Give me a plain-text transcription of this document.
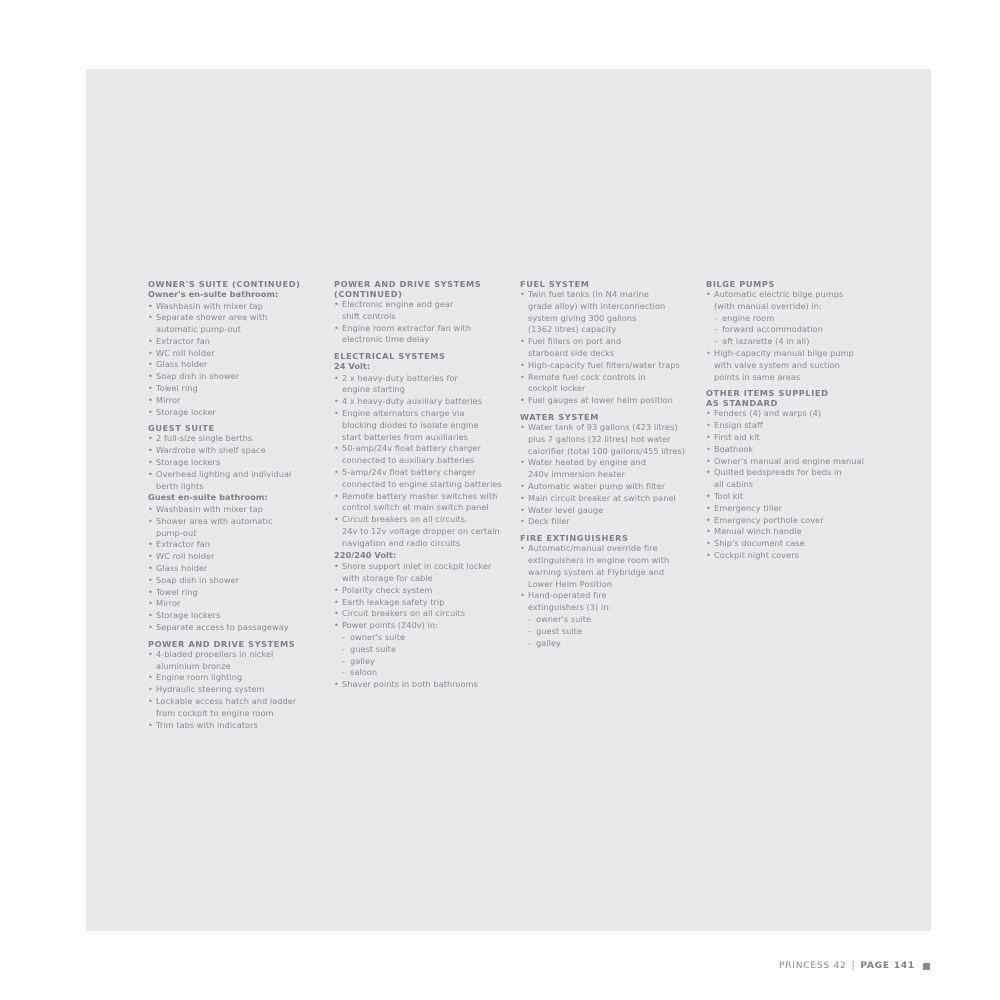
OWNER'S SUITE (CONTINUED)
Owner's en-suite bathroom:
• Washbasin with mixer tap
• Separate shower area with
automatic pump-out
• Extractor fan
• WC roll holder
• Glass holder
• Soap dish in shower
• Towel ring
• Mirror
• Storage locker
GUEST SUITE
• 2 full-size single berths
• Wardrobe with shelf space
• Storage lockers
• Overhead lighting and individual
berth lights
Guest en-suite bathroom:
• Washbasin with mixer tap
• Shower area with automatic
pump-out
• Extractor fan
• WC roll holder
• Glass holder
• Soap dish in shower
• Towel ring
• Mirror
• Storage lockers
• Separate access to passageway
POWER AND DRIVE SYSTEMS
• 4-bladed propellers in nickel
aluminium bronze
• Engine room lighting
• Hydraulic steering system
• Lockable access hatch and ladder
from cockpit to engine room
• Trim tabs with indicators
POWER AND DRIVE SYSTEMS
(CONTINUED)
• Electronic engine and gear
shift controls
• Engine room extractor fan with
electronic time delay
ELECTRICAL SYSTEMS
24 Volt:
• 2 x heavy-duty batteries for
engine starting
• 4 x heavy-duty auxiliary batteries
• Engine alternators charge via
blocking diodes to isolate engine
start batteries from auxiliaries
• 50-amp/24v float battery charger
connected to auxiliary batteries
• 5-amp/24v float battery charger
connected to engine starting batteries
• Remote battery master switches with
control switch at main switch panel
• Circuit breakers on all circuits.
24v to 12v voltage dropper on certain
navigation and radio circuits
220/240 Volt:
• Shore support inlet in cockpit locker
with storage for cable
• Polarity check system
• Earth leakage safety trip
• Circuit breakers on all circuits
• Power points (240v) in:
- owner's suite
- guest suite
- galley
- saloon
• Shaver points in both bathrooms
FUEL SYSTEM
• Twin fuel tanks (in N4 marine
grade alloy) with interconnection
system giving 300 gallons
(1362 litres) capacity
• Fuel fillers on port and
starboard side decks
• High-capacity fuel filters/water traps
• Remote fuel cock controls in
cockpit locker
• Fuel gauges at lower helm position
WATER SYSTEM
• Water tank of 93 gallons (423 litres)
plus 7 gallons (32 litres) hot water
calorifier (total 100 gallons/455 litres)
• Water heated by engine and
240v immersion heater
• Automatic water pump with filter
• Main circuit breaker at switch panel
• Water level gauge
• Deck filler
FIRE EXTINGUISHERS
• Automatic/manual override fire
extinguishers in engine room with
warning system at Flybridge and
Lower Helm Position
• Hand-operated fire
extinguishers (3) in:
- owner's suite
- guest suite
- galley
BILGE PUMPS
• Automatic electric bilge pumps
(with manual override) in:
- engine room
- forward accommodation
- aft lazarette (4 in all)
• High-capacity manual bilge pump
with valve system and suction
points in same areas
OTHER ITEMS SUPPLIED
AS STANDARD
• Fenders (4) and warps (4)
• Ensign staff
• First aid kit
• Boathook
• Owner's manual and engine manual
• Quilted bedspreads for beds in
all cabins
• Tool kit
• Emergency tiller
• Emergency porthole cover
• Manual winch handle
• Ship's document case
• Cockpit night covers
PRINCESS 42 | PAGE 141
